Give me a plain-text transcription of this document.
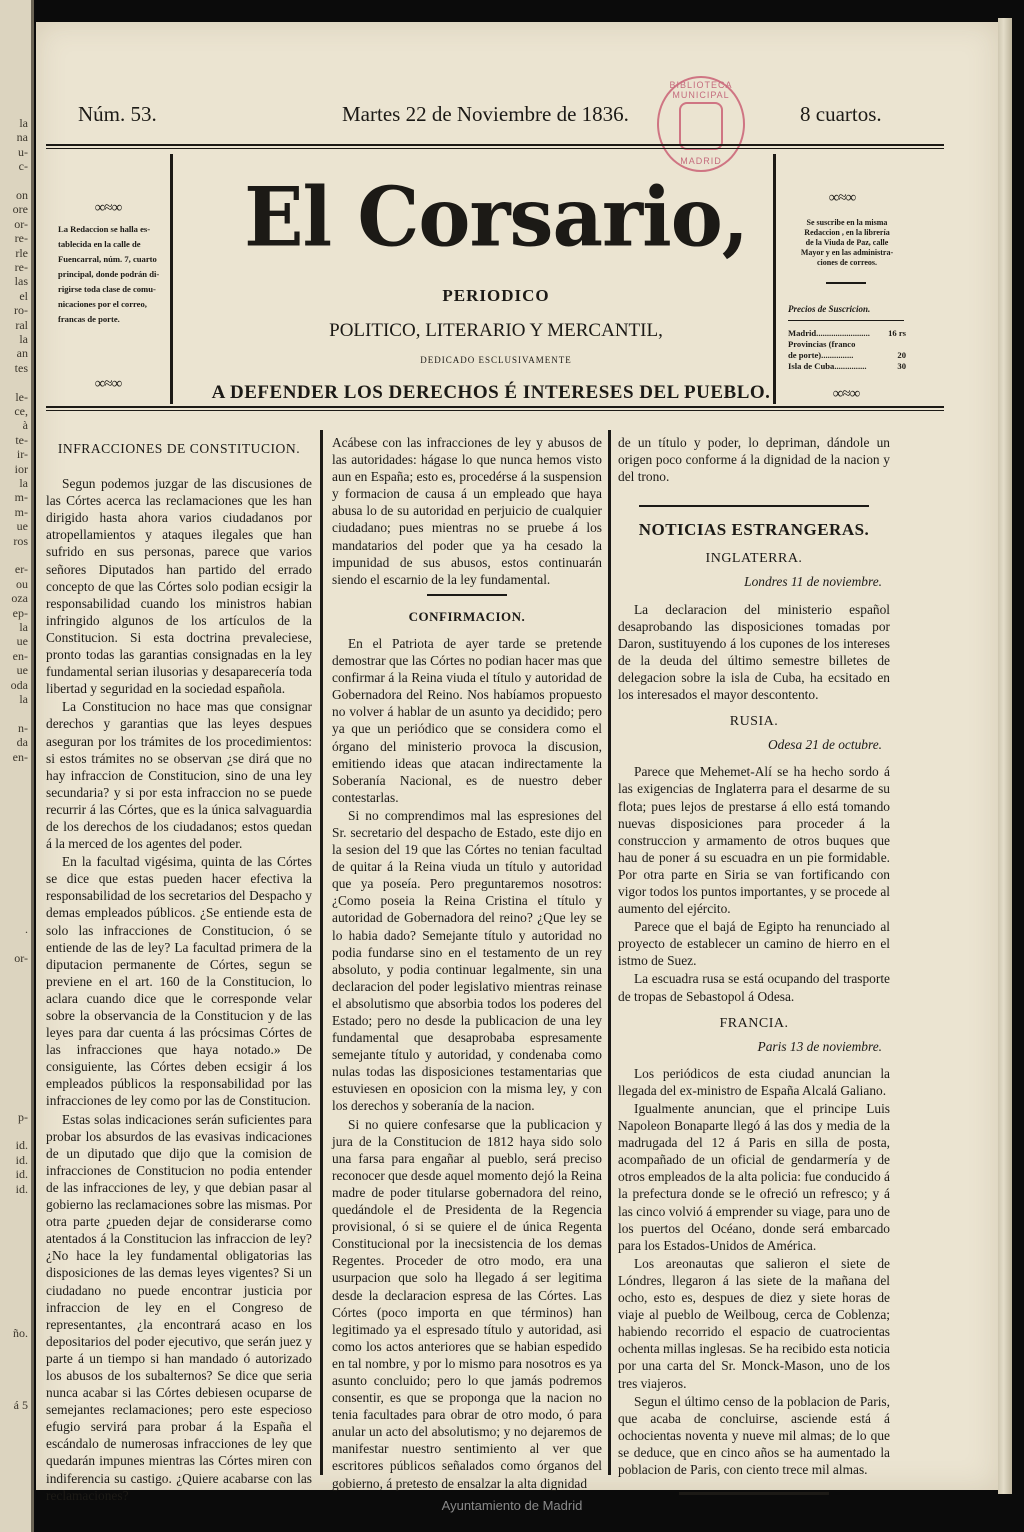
la
na
u-
c-
on
ore
or-
re-
rle
re-
las
el
ro-
ral
la
an
tes
le-
ce,
à
te-
ir-
ior
la
m-
m-
ue
ros
er-
ou
oza
ep-
la
ue
en-
ue
oda
la
n-
da
en-
.
or-
p-
id.
id.
id.
id.
ño.
á 5
Núm. 53.	Martes 22 de Noviembre de 1836.	8 cuartos.
BIBLIOTECA MUNICIPAL
MADRID
∞≈∞
La Redaccion se halla es-
tablecida en la calle de
Fuencarral, núm. 7, cuarto
principal, donde podrán di-
rigirse toda clase de comu-
nicaciones por el correo,
francas de porte.
∞≈∞
∞≈∞
Se suscribe en la misma
Redaccion , en la librería
de la Viuda de Paz, calle
Mayor y en las administra-
ciones de correos.
Precios de Suscricion.
Madrid......................... 16 rs
Provincias (franco
de porte)...............	20
Isla de Cuba...............	30
∞≈∞
El Corsario,
PERIODICO
POLITICO, LITERARIO Y MERCANTIL,
DEDICADO ESCLUSIVAMENTE
A DEFENDER LOS DERECHOS É INTERESES DEL PUEBLO.
INFRACCIONES DE CONSTITUCION.

Segun podemos juzgar de las discusiones de las Córtes acerca las reclamaciones que les han dirigido hasta ahora varios ciudadanos por atropellamientos y ataques ilegales que han sufrido en sus personas, parece que varios señores Diputados han partido del errado concepto de que las Córtes solo podian ecsigir la responsabilidad cuando los ministros habian infringido algunos de los artículos de la Constitucion. Si esta doctrina prevaleciese, pronto todas las garantias consignadas en la ley fundamental serian ilusorias y desaparecería toda libertad y seguridad en la sociedad española.

La Constitucion no hace mas que consignar derechos y garantias que las leyes despues aseguran por los trámites de los procedimientos: si estos trámites no se observan ¿se dirá que no hay infraccion de Constitucion, sino de una ley secundaria? y si por esta infraccion no se puede recurrir á las Córtes, que es la única salvaguardia de los derechos de los ciudadanos; estos quedan á la merced de los agentes del poder.

En la facultad vigésima, quinta de las Córtes se dice que estas pueden hacer efectiva la responsabilidad de los secretarios del Despacho y demas empleados públicos. ¿Se entiende esta de solo las infracciones de Constitucion, ó se entiende de las de ley? La facultad primera de la diputacion permanente de Córtes, segun se previene en el art. 160 de la Constitucion, lo aclara cuando dice que le corresponde velar sobre la observancia de la Constitucion y de las leyes para dar cuenta á las prócsimas Córtes de las infracciones que haya notado.» De consiguiente, las Córtes deben ecsigir á los empleados públicos la responsabilidad por las infracciones de ley como por las de Constitucion.

Estas solas indicaciones serán suficientes para probar los absurdos de las evasivas indicaciones de un diputado que dijo que la comision de infracciones de Constitucion no podia entender de las infracciones de ley, y que debian pasar al gobierno las reclamaciones sobre las mismas. Por otra parte ¿pueden dejar de considerarse como atentados á la Constitucion las infraccion de ley? ¿No hace la ley fundamental obligatorias las disposiciones de las demas leyes vigentes? Si un ciudadano no puede encontrar justicia por infraccion de ley en el Congreso de representantes, ¿la encontrará acaso en los depositarios del poder ejecutivo, que serán juez y parte á un tiempo si han mandado ó autorizado los abusos de los subalternos? Se dice que seria nunca acabar si las Córtes debiesen ocuparse de semejantes reclamaciones; pero este especioso efugio servirá para probar á la España el escándalo de numerosas infracciones de ley que quedarán impunes mientras las Córtes miren con indiferencia su castigo. ¿Quiere acabarse con las reclamaciones?

Acábese con las infracciones de ley y abusos de las autoridades: hágase lo que nunca hemos visto aun en España; esto es, procedérse á la suspension y formacion de causa á un empleado que haya abusa lo de su autoridad en perjuicio de cualquier ciudadano; pues mientras no se pruebe á los mandatarios del poder que ya ha cesado la impunidad de sus abusos, estos continuarán siendo el escarnio de la ley fundamental.

CONFIRMACION.

En el Patriota de ayer tarde se pretende demostrar que las Córtes no podian hacer mas que confirmar á la Reina viuda el título y autoridad de Gobernadora del Reino. Nos habíamos propuesto no volver á hablar de un asunto ya decidido; pero ya que un periódico que se considera como el órgano del ministerio provoca la discusion, emitiendo ideas que atacan indirectamente la Soberanía Nacional, es de nuestro deber contestarlas.

Si no comprendimos mal las espresiones del Sr. secretario del despacho de Estado, este dijo en la sesion del 19 que las Córtes no tenian facultad de quitar á la Reina viuda un título y autoridad que ya poseía. Pero preguntaremos nosotros: ¿Como poseia la Reina Cristina el título y autoridad de Gobernadora del reino? ¿Que ley se lo habia dado? Semejante título y autoridad no podia fundarse sino en el testamento de un rey absoluto, y podia continuar legalmente, sin una declaracion del poder legislativo mientras reinase el absolutismo que absorbia todos los poderes del Estado; pero no desde la publicacion de una ley fundamental que desaprobaba espresamente semejante título y autoridad, y condenaba como nulas todas las disposiciones testamentarias que estuviesen en oposicion con la misma ley, y con los derechos y soberanía de la nacion.

Si no quiere confesarse que la publicacion y jura de la Constitucion de 1812 haya sido solo una farsa para engañar al pueblo, será preciso reconocer que desde aquel momento dejó la Reina madre de poder titularse gobernadora del reino, quedándole el de Presidenta de la Regencia provisional, ó si se quiere el de única Regenta Constitucional por la inecsistencia de los demas Regentes. Proceder de otro modo, era una usurpacion que solo ha llegado á ser legitima desde la declaracion espresa de las Córtes. Las Córtes (poco importa en que términos) han legitimado ya el espresado título y autoridad, asi como los actos anteriores que se habian espedido en tal nombre, y por lo mismo para nosotros es ya asunto concluido; pero lo que jamás podremos consentir, es que se proponga que la nacion no tenia facultades para obrar de otro modo, ó para anular un acto del absolutismo; y no dejaremos de manifestar nuestro sentimiento al ver que escritores públicos señalados como órganos del gobierno, á pretesto de ensalzar la alta dignidad

de un título y poder, lo depriman, dándole un origen poco conforme á la dignidad de la nacion y del trono.

NOTICIAS ESTRANGERAS.
INGLATERRA.
Londres 11 de noviembre.

La declaracion del ministerio español desaprobando las disposiciones tomadas por Daron, sustituyendo á los cupones de los intereses de la deuda del último semestre billetes de delegacion sobre la isla de Cuba, ha ecsitado en los interesados el mayor descontento.

RUSIA.
Odesa 21 de octubre.

Parece que Mehemet-Alí se ha hecho sordo á las exigencias de Inglaterra para el desarme de su flota; pues lejos de prestarse á ello está tomando nuevas disposiciones para proceder á la construccion y armamento de otros buques que hau de poner á su escuadra en un pie formidable. Por otra parte en Siria se van fortificando con vigor todos los puntos importantes, y se procede al aumento del ejército.

Parece que el bajá de Egipto ha renunciado al proyecto de establecer un camino de hierro en el istmo de Suez.

La escuadra rusa se está ocupando del trasporte de tropas de Sebastopol á Odesa.

FRANCIA.
Paris 13 de noviembre.

Los periódicos de esta ciudad anuncian la llegada del ex-ministro de España Alcalá Galiano.

Igualmente anuncian, que el principe Luis Napoleon Bonaparte llegó á las dos y media de la madrugada del 12 á Paris en silla de posta, acompañado de un oficial de gendarmería y de otros empleados de la alta policia: fue conducido á la prefectura donde se le ofreció un refresco; y á las cinco volvió á emprender su viage, para uno de los puertos del Océano, donde será embarcado para los Estados-Unidos de América.

Los areonautas que salieron el siete de Lóndres, llegaron á las siete de la mañana del ocho, esto es, despues de diez y siete horas de viaje al pueblo de Weilboug, cerca de Coblenza; habiendo recorrido el espacio de cuatrocientas ochenta millas inglesas. Se ha recibido esta noticia por una carta del Sr. Monck-Mason, uno de los tres viajeros.

Segun el último censo de la poblacion de Paris, que acaba de concluirse, asciende está á ochocientas noventa y nueve mil almas; de lo que se deduce, que en cinco años se ha aumentado la poblacion de Paris, con ciento trece mil almas.

Ayuntamiento de Madrid
